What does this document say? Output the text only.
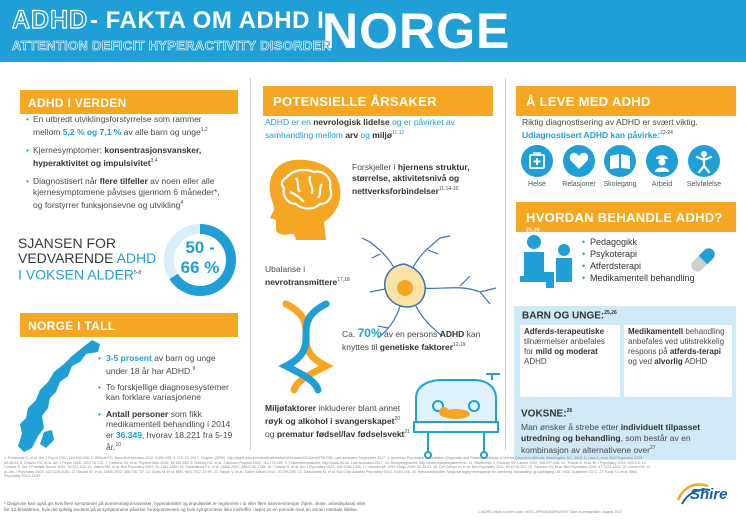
ADHD - FAKTA OM ADHD I
NORGE
ATTENTION DEFICIT HYPERACTIVITY DISORDER
ADHD I VERDEN
• En utbredt utviklingsforstyrrelse som rammer mellom 5,2 % og 7,1 % av alle barn og unge$^{1,2}$
• Kjernesymptomer: konsentrasjonsvansker, hyperaktivitet og impulsivitet$^{3,4}$
• Diagnostisert når flere tilfeller av noen eller alle kjernesymptomene påvises gjennom 6 måneder*, og forstyrrer funksjonsevne og utvikling$^4$
SJANSEN FOR
VEDVARENDE ADHD
I VOKSEN ALDER$^{5-8}$
50 -
66 %
NORGE I TALL
• 3-5 prosent av barn og unge under 18 år har ADHD.$^9$
• To forskjellige diagnosesystemer kan forklare variasjonene
• Antall personer som fikk medikamentell behandling i 2014 er 36.349, hvorav 18.221 fra 5-19 år.$^{10}$
POTENSIELLE ÅRSAKER
ADHD er en nevrologisk lidelse og er påvirket av samhandling mellom arv og miljø$^{11,12}$
Forskjeller i hjernens struktur, størrelse, aktivitetsnivå og nettverksforbindelser$^{11,14-16}$
Ubalanse i nevrotransmittere$^{17,18}$
Ca. 70% av en persons ADHD kan knyttes til genetiske faktorer$^{12,19}$
Miljøfaktorer inkluderer blant annet røyk og alkohol i svangerskapet$^{20}$ og prematur fødsel/lav fødselsvekt$^{21}$
Å LEVE MED ADHD
Riktig diagnostisering av ADHD er svært viktig. Udiagnostisert ADHD kan påvirke:$^{22-24}$
Helse	Relasjoner	Skolegang	Arbeid	Selvfølelse
HVORDAN BEHANDLE ADHD?$^{25,26}$
• Pedagogikk
• Psykoterapi
• Atferdsterapi
• Medikamentell behandling
BARN OG UNGE:$^{25,26}$
Adferds-terapeutiske tilnærmelser anbefales for mild og moderat ADHD
Medikamentell behandling anbefales ved utilstrekkelig respons på atferds-terapi og ved alvorlig ADHD
VOKSNE:$^{26}$
Man ønsker å strebe etter individuelt tilpasset utredning og behandling, som består av en kombinasjon av alternativene over$^{27}$
1. Polanczyk G, et al. Am J Psych 2007; 164:942-948. 2. Willcutt EG. Neurotherapeutics 2012; 9:490-499. 3. ICD-10. 2017. Chapter V(F90). http://apps.who.int/classifications/icd10/browse/2016/en#/F90-F98. Last accessed September 2017. 4. American Psychiatric Association. Diagnostic and Statistical Manual of Mental Disorders (5th ed). Washington, DC, 2013. 5. Lara C, et al. Biol Psychiatry 2009; 65:46-54. 6. Kessler RC, et al. Am J Psych 2006; 163:716-723. 7. Faraone SV, et al. Psychol Med 2006; 36:159-165. 8. Barkley RA, et al. J Abnorm Psychol 2002; 111:279-289. 9. Folkehelseinstituttet. http://www.fhi.no. Last accessed 2017. 10. Reseptregisteret. http://www.reseptregisteret.no. 11. Biederman J, Faraone SV. Lancet 2005; 366:237-248. 12. Thapar A, et al. Br J Psychiatry 2013; 203:3-5. 13. Cortese S. Eur J Paediatr Neurol 2012; 16:422-433. 14. Valera EM, et al. Biol Psychiatry 2007; 61:1361-1369. 15. Castellanos FX, et al. JAMA 2002; 288:1740-1748. 16. Cortese S, et al. Am J Psychiatry 2012; 169:1038-1055. 17. Arnsten AF. CNS Drugs 2009; 23:33-41. 18. Del Campo N, et al. Biol Psychiatry 2011; 69:e145-157. 19. Faraone SV, et al. Biol Psychiatry 2005; 57:1313-1323. 20. Linnet KM, et al. Am J Psychiatry 2003; 160:1028-1040. 21. Bhutta AT, et al. JAMA 2002; 288:728-737. 22. Shaw M, et al. BMC Med 2012; 10:99. 23. Harpin V, et al. J Atten Disord 2016; 20:295-305. 24. Danckaerts M, et al. Eur Child Adolesc Psychiatry 2010; 19:83-105. 25. Helsedirektoratet. Nasjonal faglig retningslinje for utredning, behandling og oppfølging. 26. NICE Guideline CG72. 27. Kooij SJ, et al. BMC Psychiatry 2010; 10:67.
* Diagnose kan også gis hvis flere symptomer på konsentrasjonsvansker, hyperaktivitet og impulsivitet er registrerte i to eller flere sammenhenger (hjem, skole, arbeidsplass) eller
før 12-årsalderen, hvis det tydelig evidens på at symptomene påvirker funksjonsevnen og hvis symptomene ikke innfreffer i løpet av en periode med en annen mentale lidelse.	C/ADHD-infoN.no Item code: NO/C-APROM/ADHD/0007 Date of preparation: August 2017
Shire
